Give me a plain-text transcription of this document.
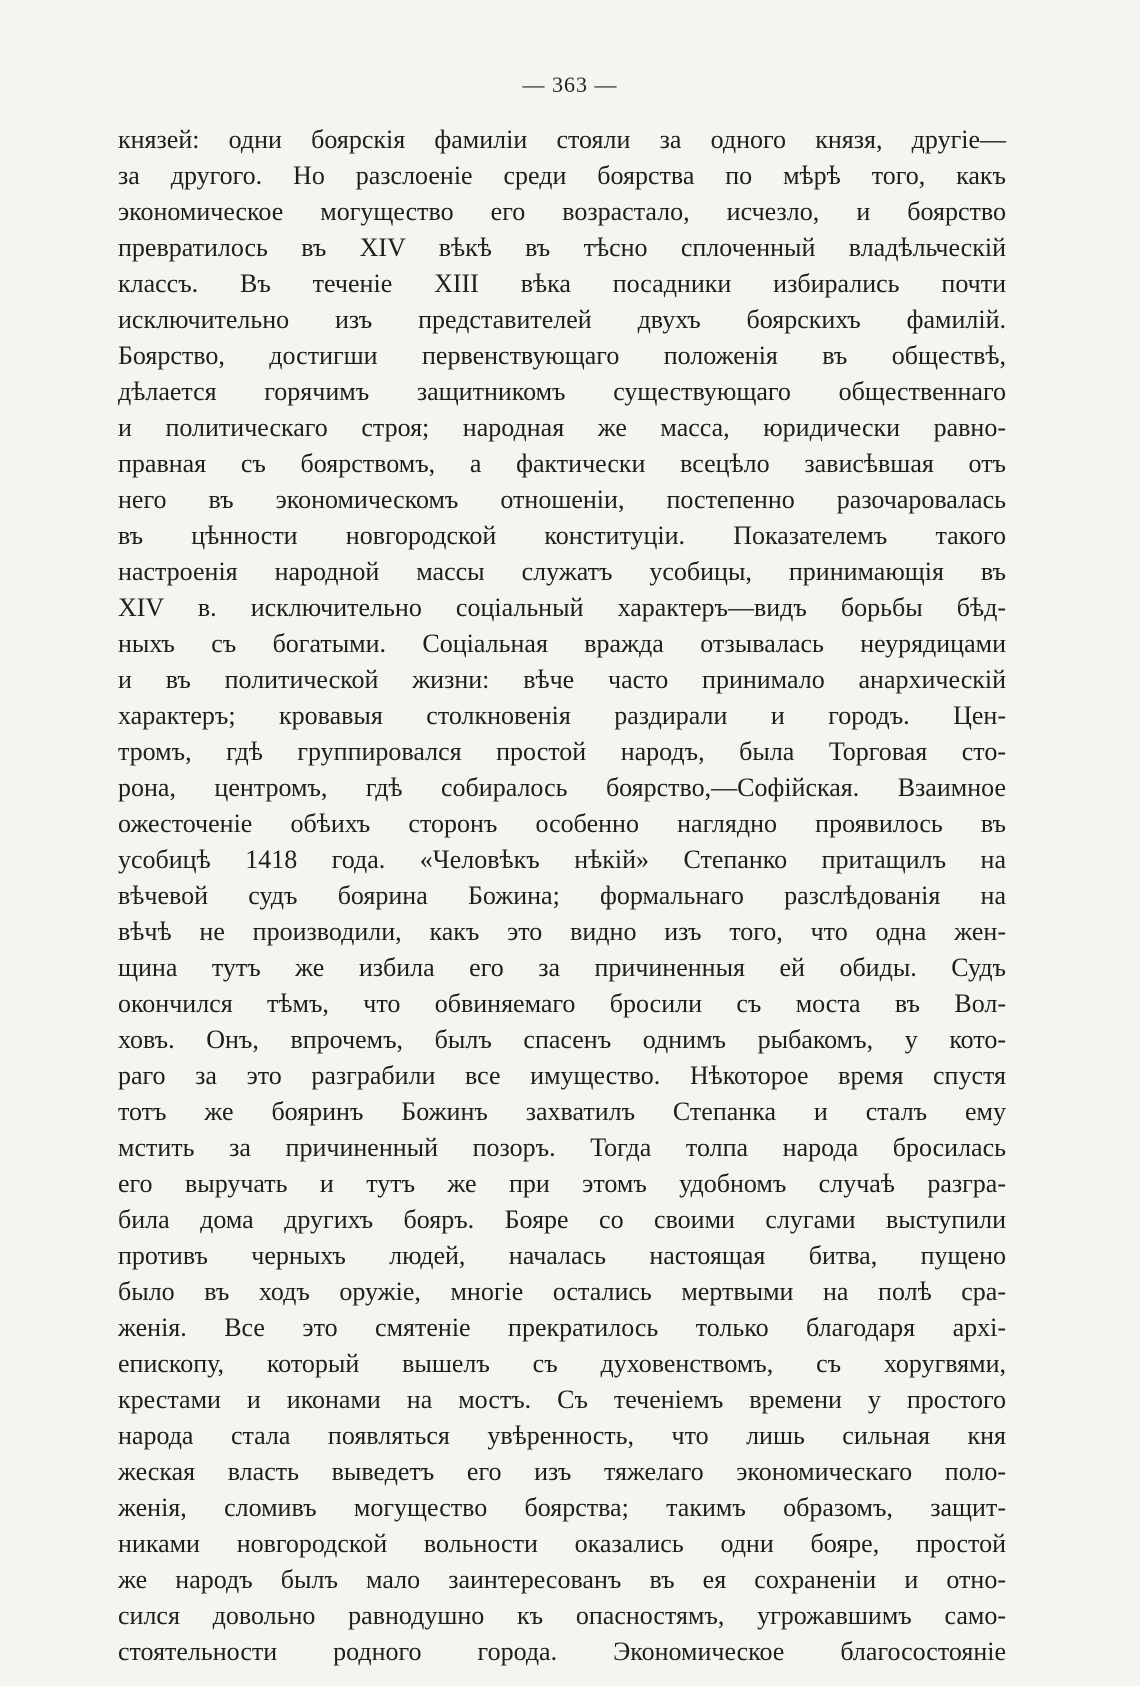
— 363 —
князей: одни боярскія фамиліи стояли за одного князя, другіе—
за другого. Но разслоеніе среди боярства по мѣрѣ того, какъ
экономическое могущество его возрастало, исчезло, и боярство
превратилось въ XIV вѣкѣ въ тѣсно сплоченный владѣльческій
классъ. Въ теченіе XIII вѣка посадники избирались почти
исключительно изъ представителей двухъ боярскихъ фамилій.
Боярство, достигши первенствующаго положенія въ обществѣ,
дѣлается горячимъ защитникомъ существующаго общественнаго
и политическаго строя; народная же масса, юридически равно-
правная съ боярствомъ, а фактически всецѣло зависѣвшая отъ
него въ экономическомъ отношеніи, постепенно разочаровалась
въ цѣнности новгородской конституціи. Показателемъ такого
настроенія народной массы служатъ усобицы, принимающія въ
XIV в. исключительно соціальный характеръ—видъ борьбы бѣд-
ныхъ съ богатыми. Соціальная вражда отзывалась неурядицами
и въ политической жизни: вѣче часто принимало анархическій
характеръ; кровавыя столкновенія раздирали и городъ. Цен-
тромъ, гдѣ группировался простой народъ, была Торговая сто-
рона, центромъ, гдѣ собиралось боярство,—Софійская. Взаимное
ожесточеніе обѣихъ сторонъ особенно наглядно проявилось въ
усобицѣ 1418 года. «Человѣкъ нѣкій» Степанко притащилъ на
вѣчевой судъ боярина Божина; формальнаго разслѣдованія на
вѣчѣ не производили, какъ это видно изъ того, что одна жен-
щина тутъ же избила его за причиненныя ей обиды. Судъ
окончился тѣмъ, что обвиняемаго бросили съ моста въ Вол-
ховъ. Онъ, впрочемъ, былъ спасенъ однимъ рыбакомъ, у кото-
раго за это разграбили все имущество. Нѣкоторое время спустя
тотъ же бояринъ Божинъ захватилъ Степанка и сталъ ему
мстить за причиненный позоръ. Тогда толпа народа бросилась
его выручать и тутъ же при этомъ удобномъ случаѣ разгра-
била дома другихъ бояръ. Бояре со своими слугами выступили
противъ черныхъ людей, началась настоящая битва, пущено
было въ ходъ оружіе, многіе остались мертвыми на полѣ сра-
женія. Все это смятеніе прекратилось только благодаря архі-
епископу, который вышелъ съ духовенствомъ, съ хоругвями,
крестами и иконами на мостъ. Съ теченіемъ времени у простого
народа стала появляться увѣренность, что лишь сильная кня
жеская власть выведетъ его изъ тяжелаго экономическаго поло-
женія, сломивъ могущество боярства; такимъ образомъ, защит-
никами новгородской вольности оказались одни бояре, простой
же народъ былъ мало заинтересованъ въ ея сохраненіи и отно-
сился довольно равнодушно къ опасностямъ, угрожавшимъ само-
стоятельности родного города. Экономическое благосостояніе
